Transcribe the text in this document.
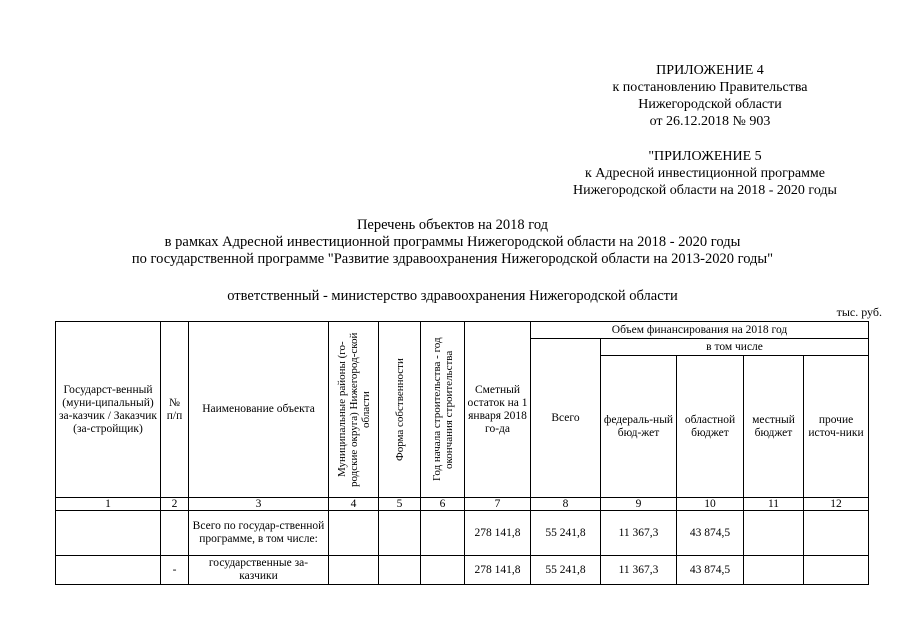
ПРИЛОЖЕНИЕ 4
к постановлению Правительства
Нижегородской области
от 26.12.2018 № 903
"ПРИЛОЖЕНИЕ 5
к Адресной инвестиционной программе
Нижегородской области на 2018 - 2020 годы
Перечень объектов на 2018 год
в рамках Адресной инвестиционной программы Нижегородской области на 2018 - 2020 годы
по государственной программе "Развитие здравоохранения Нижегородской области на 2013-2020 годы"
ответственный - министерство здравоохранения Нижегородской области
тыс. руб.
Государст-венный (муни-ципальный) за-казчик / Заказчик (за-стройщик)	№ п/п	Наименование объекта	Муниципальные районы (го-родские округа) Нижегород-ской области	Форма собственности	Год начала строительства - год окончания строительства	Сметный остаток на 1 января 2018 го-да	Объем финансирования на 2018 год				
							Всего	в том числе			
								федераль-ный бюд-жет	областной бюджет	местный бюджет	прочие источ-ники
1	2	3	4	5	6	7	8	9	10	11	12
		Всего по государ-ственной программе, в том числе:				278 141,8	55 241,8	11 367,3	43 874,5		
	-	государственные за-казчики				278 141,8	55 241,8	11 367,3	43 874,5		
